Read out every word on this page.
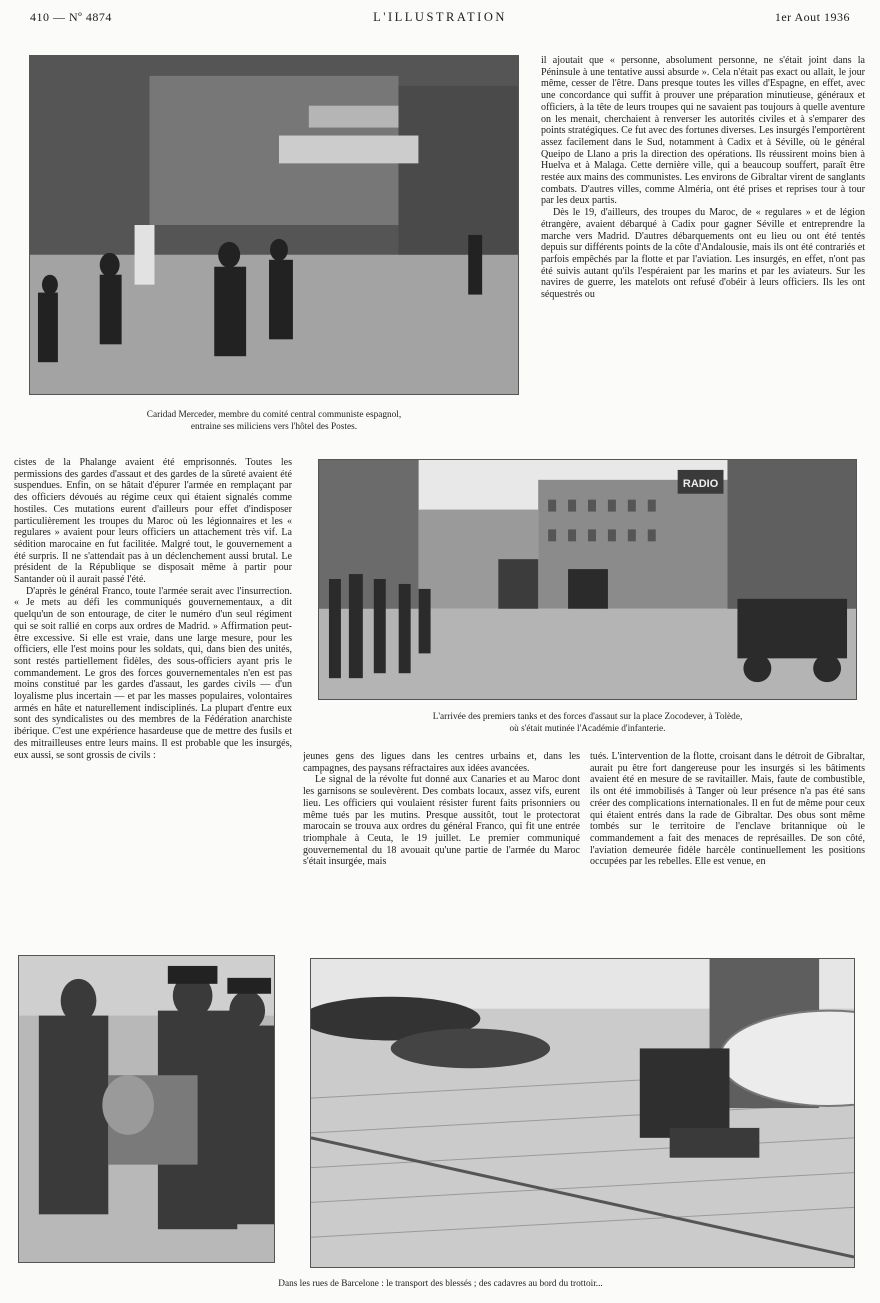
410 — Nº 4874	L'ILLUSTRATION	1er Aout 1936
Caridad Merceder, membre du comité central communiste espagnol,
entraine ses miliciens vers l'hôtel des Postes.

il ajoutait que « personne, absolument personne, ne s'était joint dans la Péninsule à une tentative aussi absurde ». Cela n'était pas exact ou allait, le jour même, cesser de l'être. Dans presque toutes les villes d'Espagne, en effet, avec une concordance qui suffit à prouver une préparation minutieuse, généraux et officiers, à la tête de leurs troupes qui ne savaient pas toujours à quelle aventure on les menait, cherchaient à renverser les autorités civiles et à s'emparer des points stratégiques. Ce fut avec des fortunes diverses. Les insurgés l'emportèrent assez facilement dans le Sud, notamment à Cadix et à Séville, où le général Queipo de Llano a pris la direction des opérations. Ils réussirent moins bien à Huelva et à Malaga. Cette dernière ville, qui a beaucoup souffert, paraît être restée aux mains des communistes. Les environs de Gibraltar virent de sanglants combats. D'autres villes, comme Alméria, ont été prises et reprises tour à tour par les deux partis.

Dès le 19, d'ailleurs, des troupes du Maroc, de « regulares » et de légion étrangère, avaient débarqué à Cadix pour gagner Séville et entreprendre la marche vers Madrid. D'autres débarquements ont eu lieu ou ont été tentés depuis sur différents points de la côte d'Andalousie, mais ils ont été contrariés et parfois empêchés par la flotte et par l'aviation. Les insurgés, en effet, n'ont pas été suivis autant qu'ils l'espéraient par les marins et par les aviateurs. Sur les navires de guerre, les matelots ont refusé d'obéir à leurs officiers. Ils les ont séquestrés ou

cistes de la Phalange avaient été emprisonnés. Toutes les permissions des gardes d'assaut et des gardes de la sûreté avaient été suspendues. Enfin, on se hâtait d'épurer l'armée en remplaçant par des officiers dévoués au régime ceux qui étaient signalés comme hostiles. Ces mutations eurent d'ailleurs pour effet d'indisposer particulièrement les troupes du Maroc où les légionnaires et les « regulares » avaient pour leurs officiers un attachement très vif. La sédition marocaine en fut facilitée. Malgré tout, le gouvernement a été surpris. Il ne s'attendait pas à un déclenchement aussi brutal. Le président de la République se disposait même à partir pour Santander où il aurait passé l'été.

D'après le général Franco, toute l'armée serait avec l'insurrection. « Je mets au défi les communiqués gouvernementaux, a dit quelqu'un de son entourage, de citer le numéro d'un seul régiment qui se soit rallié en corps aux ordres de Madrid. » Affirmation peut-être excessive. Si elle est vraie, dans une large mesure, pour les officiers, elle l'est moins pour les soldats, qui, dans bien des unités, sont restés partiellement fidèles, des sous-officiers ayant pris le commandement. Le gros des forces gouvernementales n'en est pas moins constitué par les gardes d'assaut, les gardes civils — d'un loyalisme plus incertain — et par les masses populaires, volontaires armés en hâte et naturellement indisciplinés. La plupart d'entre eux sont des syndicalistes ou des membres de la Fédération anarchiste ibérique. C'est une expérience hasardeuse que de mettre des fusils et des mitrailleuses entre leurs mains. Il est probable que les insurgés, eux aussi, se sont grossis de civils :

RADIO
L'arrivée des premiers tanks et des forces d'assaut sur la place Zocodever, à Tolède,
où s'était mutinée l'Académie d'infanterie.

jeunes gens des ligues dans les centres urbains et, dans les campagnes, des paysans réfractaires aux idées avancées.

Le signal de la révolte fut donné aux Canaries et au Maroc dont les garnisons se soulevèrent. Des combats locaux, assez vifs, eurent lieu. Les officiers qui voulaient résister furent faits prisonniers ou même tués par les mutins. Presque aussitôt, tout le protectorat marocain se trouva aux ordres du général Franco, qui fit une entrée triomphale à Ceuta, le 19 juillet. Le premier communiqué gouvernemental du 18 avouait qu'une partie de l'armée du Maroc s'était insurgée, mais

tués. L'intervention de la flotte, croisant dans le détroit de Gibraltar, aurait pu être fort dangereuse pour les insurgés si les bâtiments avaient été en mesure de se ravitailler. Mais, faute de combustible, ils ont été immobilisés à Tanger où leur présence n'a pas été sans créer des complications internationales. Il en fut de même pour ceux qui étaient entrés dans la rade de Gibraltar. Des obus sont même tombés sur le territoire de l'enclave britannique où le commandement a fait des menaces de représailles. De son côté, l'aviation demeurée fidèle harcèle continuellement les positions occupées par les rebelles. Elle est venue, en

Dans les rues de Barcelone : le transport des blessés ; des cadavres au bord du trottoir...
